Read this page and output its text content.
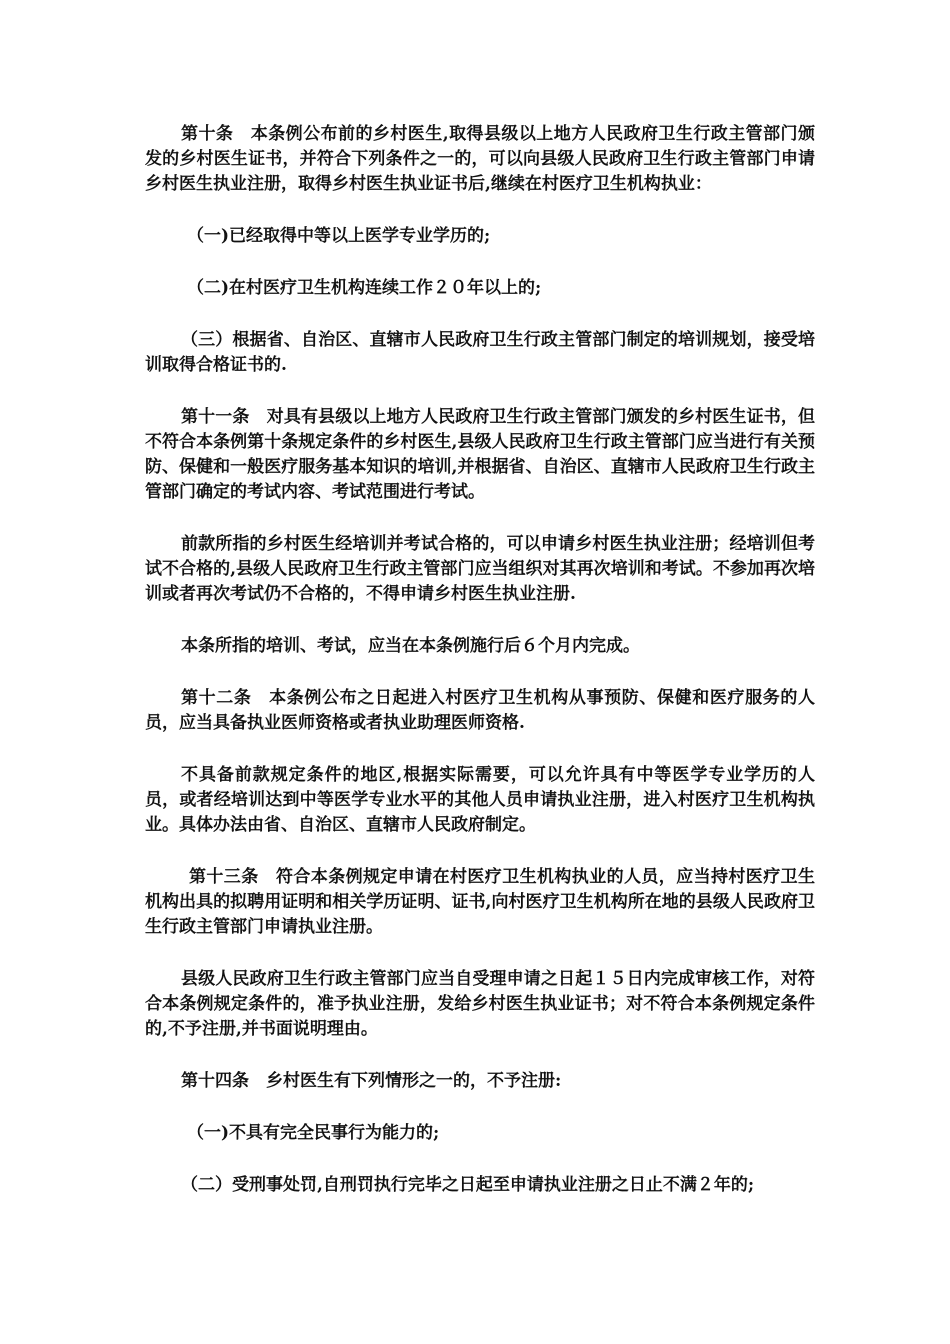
第十条　本条例公布前的乡村医生,取得县级以上地方人民政府卫生行政主管部门颁发的乡村医生证书，并符合下列条件之一的，可以向县级人民政府卫生行政主管部门申请乡村医生执业注册，取得乡村医生执业证书后,继续在村医疗卫生机构执业：

（一)已经取得中等以上医学专业学历的;

（二)在村医疗卫生机构连续工作２０年以上的;

（三）根据省、自治区、直辖市人民政府卫生行政主管部门制定的培训规划，接受培训取得合格证书的.

第十一条　对具有县级以上地方人民政府卫生行政主管部门颁发的乡村医生证书，但不符合本条例第十条规定条件的乡村医生,县级人民政府卫生行政主管部门应当进行有关预防、保健和一般医疗服务基本知识的培训,并根据省、自治区、直辖市人民政府卫生行政主管部门确定的考试内容、考试范围进行考试。

前款所指的乡村医生经培训并考试合格的，可以申请乡村医生执业注册；经培训但考试不合格的,县级人民政府卫生行政主管部门应当组织对其再次培训和考试。不参加再次培训或者再次考试仍不合格的，不得申请乡村医生执业注册.

本条所指的培训、考试，应当在本条例施行后６个月内完成。

第十二条　本条例公布之日起进入村医疗卫生机构从事预防、保健和医疗服务的人员，应当具备执业医师资格或者执业助理医师资格.

不具备前款规定条件的地区,根据实际需要，可以允许具有中等医学专业学历的人员，或者经培训达到中等医学专业水平的其他人员申请执业注册，进入村医疗卫生机构执业。具体办法由省、自治区、直辖市人民政府制定。

第十三条　符合本条例规定申请在村医疗卫生机构执业的人员，应当持村医疗卫生机构出具的拟聘用证明和相关学历证明、证书,向村医疗卫生机构所在地的县级人民政府卫生行政主管部门申请执业注册。

县级人民政府卫生行政主管部门应当自受理申请之日起１５日内完成审核工作，对符合本条例规定条件的，准予执业注册，发给乡村医生执业证书；对不符合本条例规定条件的,不予注册,并书面说明理由。

第十四条　乡村医生有下列情形之一的，不予注册:

（一)不具有完全民事行为能力的;

（二）受刑事处罚,自刑罚执行完毕之日起至申请执业注册之日止不满２年的;
